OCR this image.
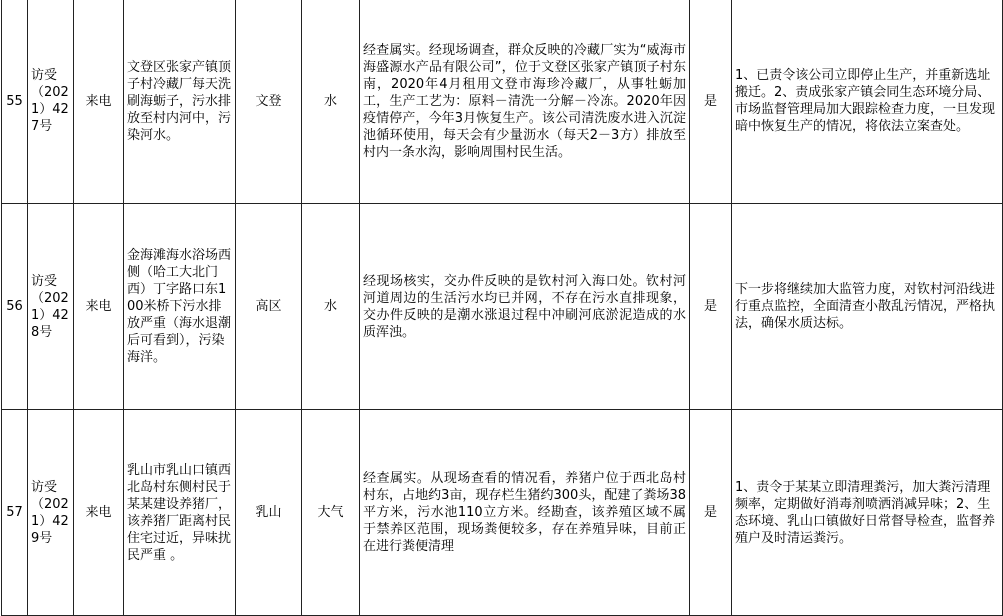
55	访受（2021）427号	来电	文登区张家产镇顶子村冷藏厂每天洗刷海蛎子，污水排放至村内河中，污染河水。	文登	水	经查属实。经现场调查，群众反映的冷藏厂实为“威海市海盛源水产品有限公司”，位于文登区张家产镇顶子村东南，2020年4月租用文登市海珍冷藏厂，从事牡蛎加工，生产工艺为：原料－清洗一分解－冷冻。2020年因疫情停产，今年3月恢复生产。该公司清洗废水进入沉淀池循环使用，每天会有少量沥水（每天2－3方）排放至村内一条水沟，影响周围村民生活。	是	1、已责令该公司立即停止生产，并重新选址搬迁。2、责成张家产镇会同生态环境分局、市场监督管理局加大跟踪检查力度，一旦发现暗中恢复生产的情况，将依法立案查处。
56	访受（2021）428号	来电	金海滩海水浴场西侧（哈工大北门西）丁字路口东100米桥下污水排放严重（海水退潮后可看到），污染海洋。	高区	水	经现场核实，交办件反映的是钦村河入海口处。钦村河河道周边的生活污水均已并网，不存在污水直排现象，交办件反映的是潮水涨退过程中冲刷河底淤泥造成的水质浑浊。	是	下一步将继续加大监管力度，对钦村河沿线进行重点监控，全面清查小散乱污情况，严格执法，确保水质达标。
57	访受（2021）429号	来电	乳山市乳山口镇西北岛村东侧村民于某某建设养猪厂，该养猪厂距离村民住宅过近，异味扰民严重 。	乳山	大气	经查属实。从现场查看的情况看，养猪户位于西北岛村村东，占地约3亩，现存栏生猪约300头，配建了粪场38平方米，污水池110立方米。经勘查，该养殖区域不属于禁养区范围，现场粪便较多，存在养殖异味，目前正在进行粪便清理	是	1、责令于某某立即清理粪污，加大粪污清理频率，定期做好消毒剂喷洒消减异味；2、生态环境、乳山口镇做好日常督导检查，监督养殖户及时清运粪污。
